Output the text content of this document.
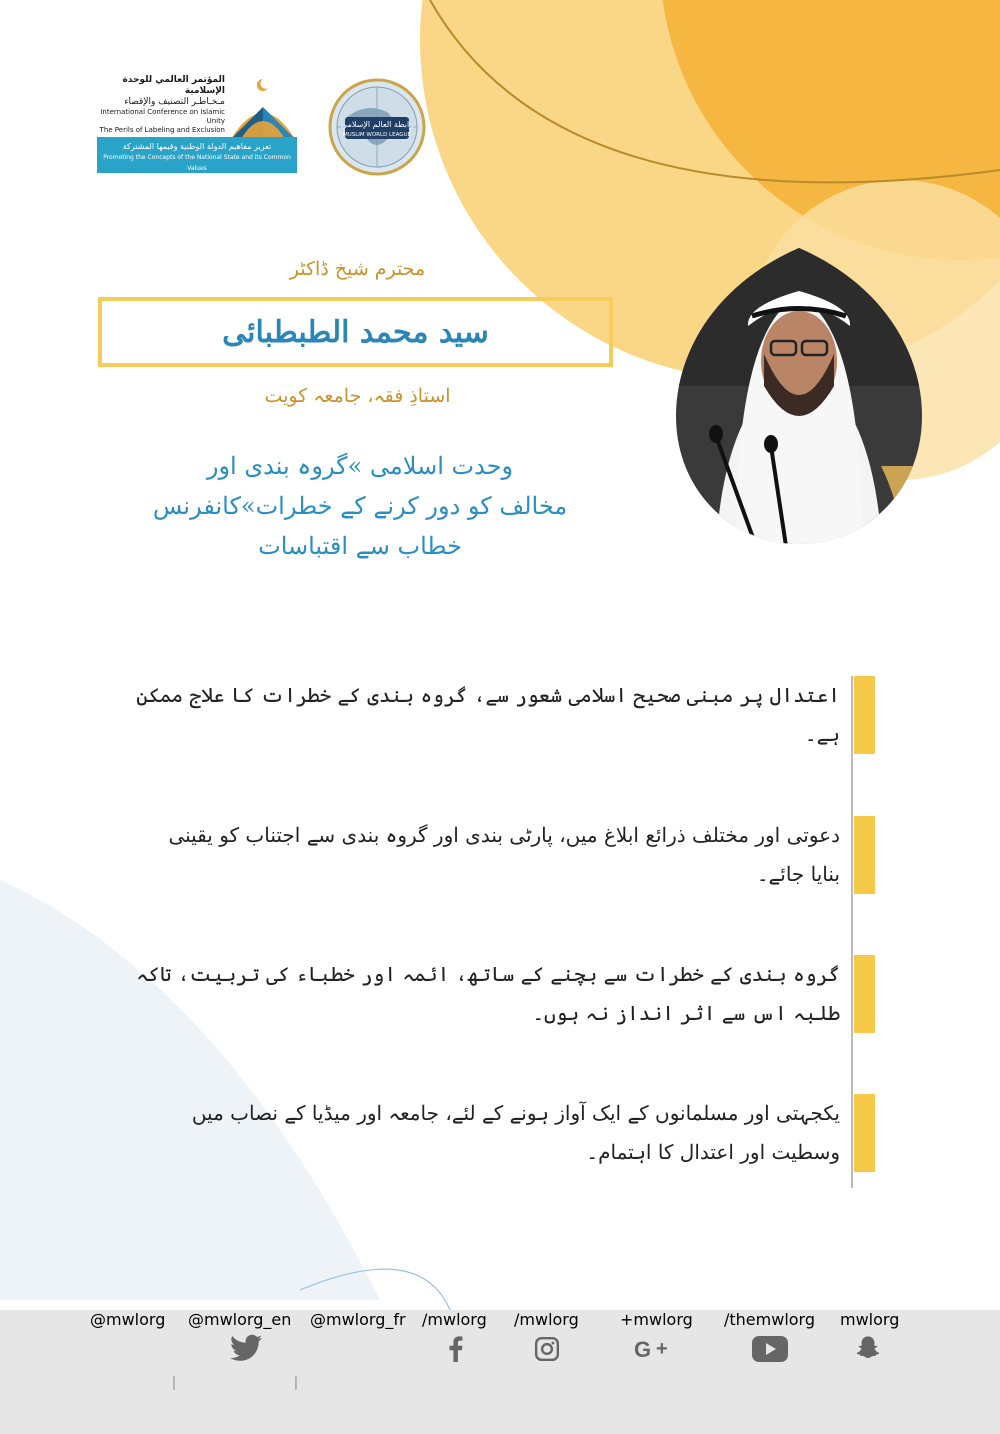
المؤتمر العالمي للوحدة الإسلامية
مـخـاطـر التصنيف والإقصاء
International Conference on Islamic Unity
The Perils of Labeling and Exclusion
تعزيز مفاهيم الدولة الوطنية وقيمها المشتركة
Promoting the Concepts of the National State and its Common Values
رابطة العالم الإسلامي
MUSLIM WORLD LEAGUE
محترم شیخ ڈاکٹر
سید محمد الطبطبائی
استاذِ فقہ، جامعہ کویت
وحدت اسلامی »گروہ بندی اور
مخالف کو دور کرنے کے خطرات»کانفرنس
خطاب سے اقتباسات
اعتدال پر مبنی صحیح اسلامی شعور سے، گروہ بندی کے خطرات کا علاج ممکن ہے۔
دعوتی اور مختلف ذرائع ابلاغ میں، پارٹی بندی اور گروہ بندی سے اجتناب کو یقینی بنایا جائے۔
گروہ بندی کے خطرات سے بچنے کے ساتھ، ائمہ اور خطباء کی تربیت، تاکہ طلبہ اس سے اثر انداز نہ ہوں۔
یکجہتی اور مسلمانوں کے ایک آواز ہونے کے لئے، جامعہ اور میڈیا کے نصاب میں وسطیت اور اعتدال کا اہتمام۔
@mwlorg
|
@mwlorg_en
|
@mwlorg_fr /mwlorg /mwlorg
G +
+mwlorg /themwlorg mwlorg
